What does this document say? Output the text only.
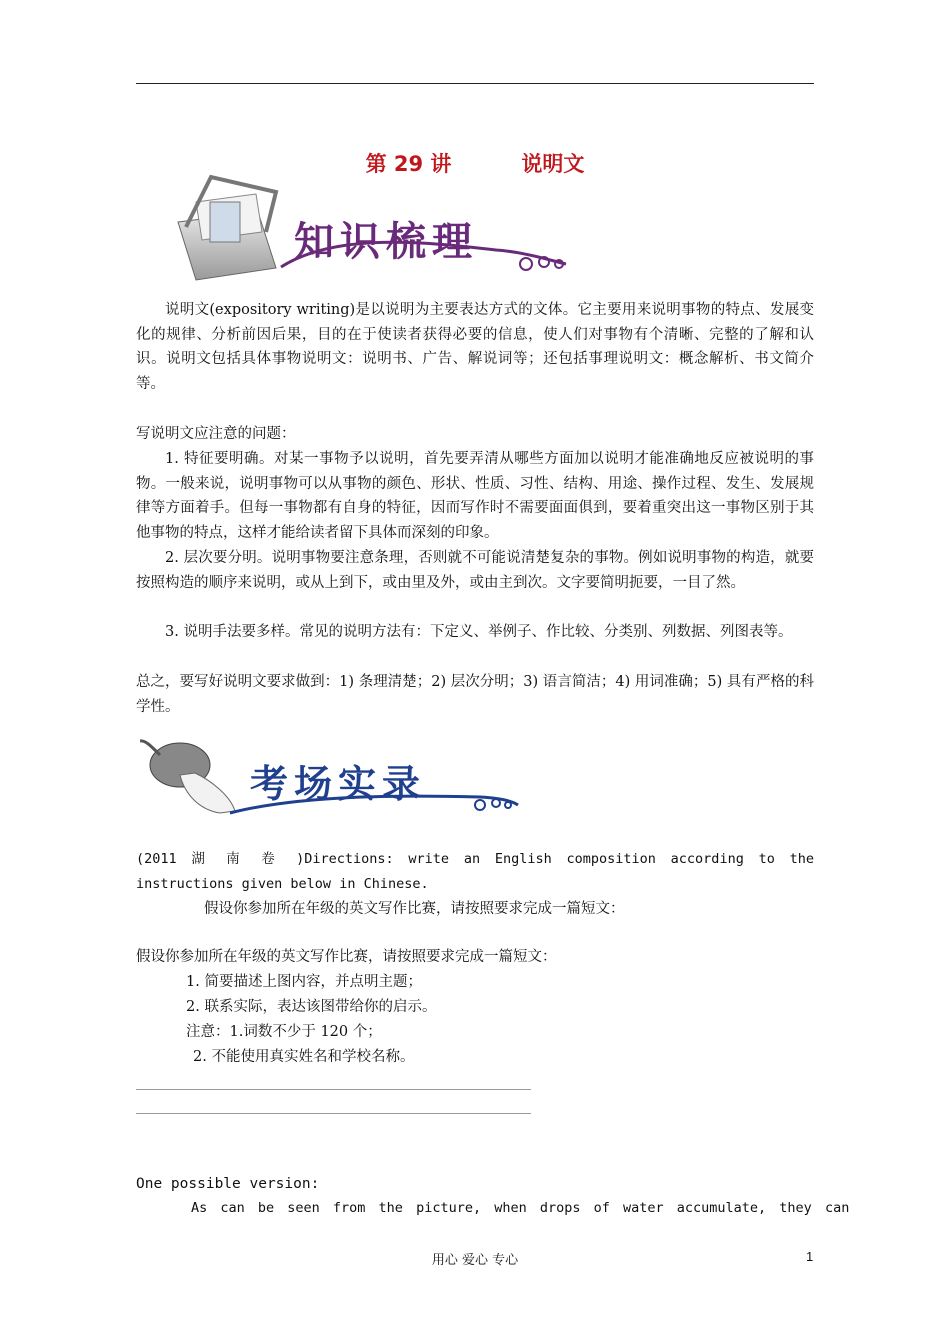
第 29 讲	说明文
知识梳理

说明文(expository writing)是以说明为主要表达方式的文体。它主要用来说明事物的特点、发展变化的规律、分析前因后果，目的在于使读者获得必要的信息，使人们对事物有个清晰、完整的了解和认识。说明文包括具体事物说明文：说明书、广告、解说词等；还包括事理说明文：概念解析、书文简介等。

写说明文应注意的问题：

1. 特征要明确。对某一事物予以说明，首先要弄清从哪些方面加以说明才能准确地反应被说明的事物。一般来说，说明事物可以从事物的颜色、形状、性质、习性、结构、用途、操作过程、发生、发展规律等方面着手。但每一事物都有自身的特征，因而写作时不需要面面俱到，要着重突出这一事物区别于其他事物的特点，这样才能给读者留下具体而深刻的印象。

2. 层次要分明。说明事物要注意条理，否则就不可能说清楚复杂的事物。例如说明事物的构造，就要按照构造的顺序来说明，或从上到下，或由里及外，或由主到次。文字要简明扼要，一目了然。

3. 说明手法要多样。常见的说明方法有：下定义、举例子、作比较、分类别、列数据、列图表等。

总之，要写好说明文要求做到：1) 条理清楚；2) 层次分明；3) 语言简洁；4) 用词准确；5) 具有严格的科学性。

考场实录

(2011 湖 南 卷 )Directions: write an English composition according to the instructions given below in Chinese.

假设你参加所在年级的英文写作比赛，请按照要求完成一篇短文：
假设你参加所在年级的英文写作比赛，请按照要求完成一篇短文：
1. 简要描述上图内容，并点明主题；
2. 联系实际，表达该图带给你的启示。
注意：1.词数不少于 120 个；
2. 不能使用真实姓名和学校名称。
One possible version:
As can be seen from the picture, when drops of water accumulate, they can
用心 爱心 专心	1
